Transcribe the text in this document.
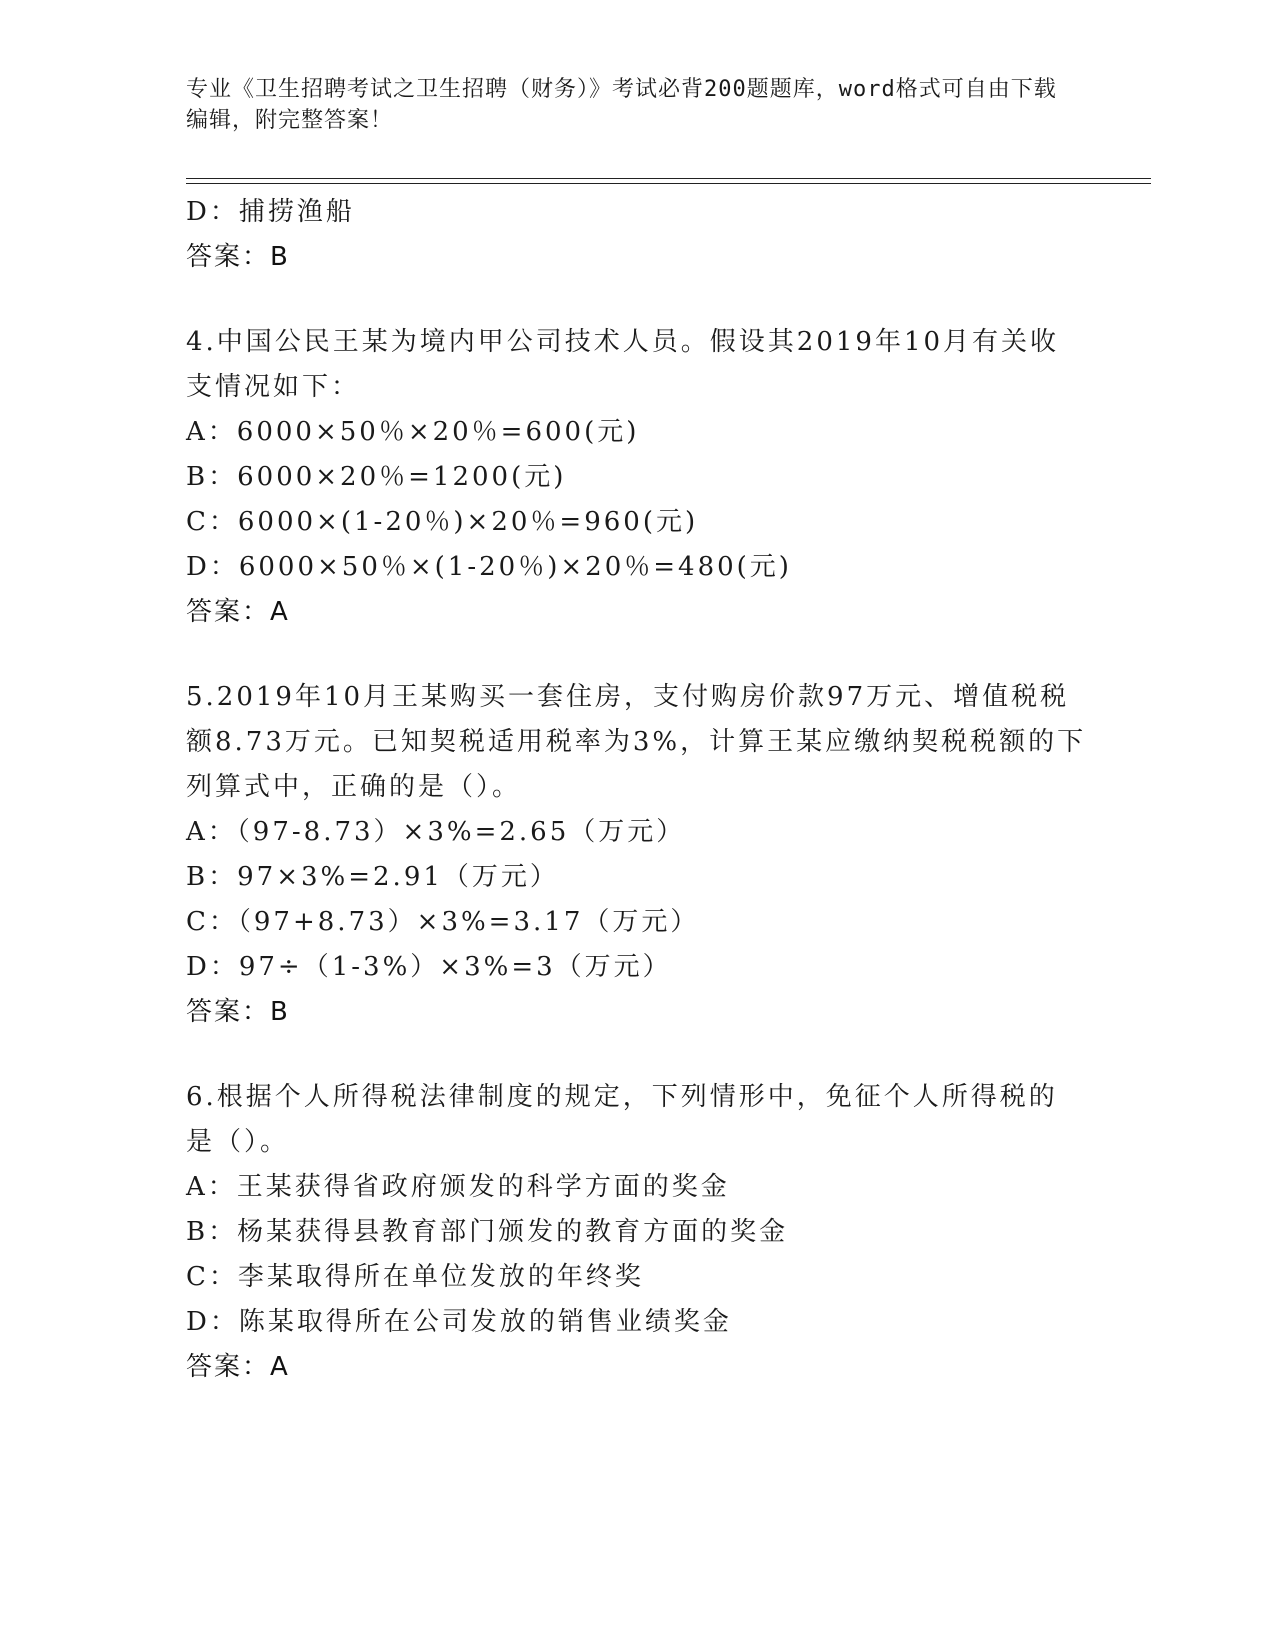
专业《卫生招聘考试之卫生招聘（财务）》考试必背200题题库，word格式可自由下载编辑，附完整答案！
D：捕捞渔船
答案：B
4.中国公民王某为境内甲公司技术人员。假设其2019年10月有关收
支情况如下：
A：6000×50％×20％=600(元)
B：6000×20％=1200(元)
C：6000×(1-20％)×20％=960(元)
D：6000×50％×(1-20％)×20％=480(元)
答案：A
5.2019年10月王某购买一套住房，支付购房价款97万元、增值税税
额8.73万元。已知契税适用税率为3%，计算王某应缴纳契税税额的下
列算式中，正确的是（）。
A：（97-8.73）×3%=2.65（万元）
B：97×3%=2.91（万元）
C：（97+8.73）×3%=3.17（万元）
D：97÷（1-3%）×3%=3（万元）
答案：B
6.根据个人所得税法律制度的规定，下列情形中，免征个人所得税的
是（）。
A：王某获得省政府颁发的科学方面的奖金
B：杨某获得县教育部门颁发的教育方面的奖金
C：李某取得所在单位发放的年终奖
D：陈某取得所在公司发放的销售业绩奖金
答案：A
